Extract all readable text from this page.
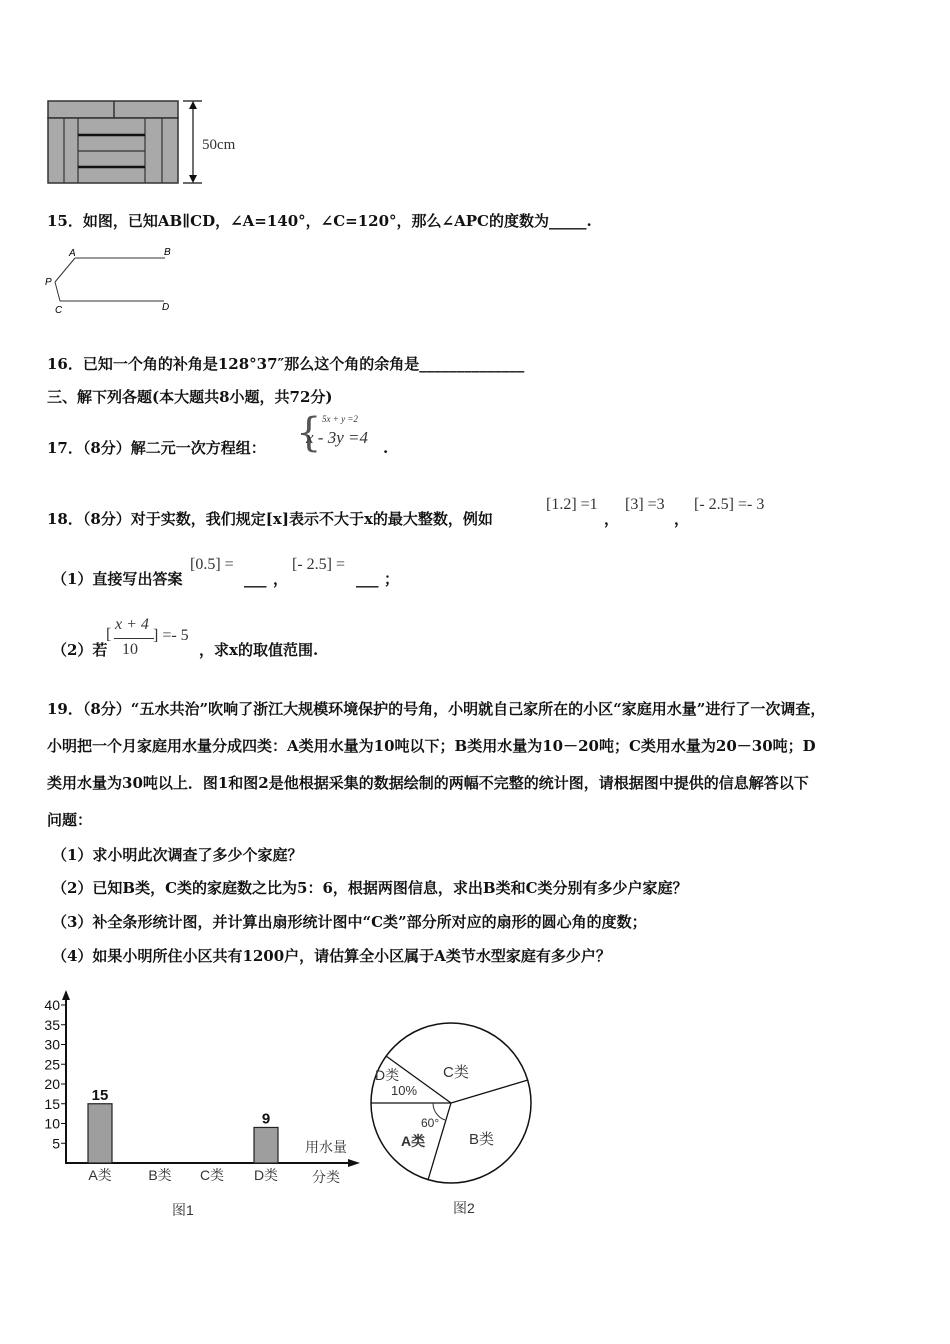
50cm
15．如图，已知AB∥CD，∠A=140°，∠C=120°，那么∠APC的度数为_____.
A	B
P
C	D
16．已知一个角的补角是128°37″那么这个角的余角是______________
三、解下列各题(本大题共8小题，共72分)
17．（8分）解二元一次方程组： { 5x + y =2
x - 3y =4
.
18．（8分）对于实数，我们规定[x]表示不大于x的最大整数，例如
[1.2] =1
，
[3] =3
，
[- 2.5] =- 3
（1）直接写出答案
[0.5] =
___ ，
[- 2.5] =
___ ；
（2）若
[
x + 4
10
] =- 5
，求x的取值范围.
19．（8分）“五水共治”吹响了浙江大规模环境保护的号角，小明就自己家所在的小区“家庭用水量”进行了一次调查，
小明把一个月家庭用水量分成四类：A类用水量为10吨以下；B类用水量为10－20吨；C类用水量为20－30吨；D
类用水量为30吨以上．图1和图2是他根据采集的数据绘制的两幅不完整的统计图，请根据图中提供的信息解答以下
问题：
（1）求小明此次调查了多少个家庭？
（2）已知B类，C类的家庭数之比为5：6，根据两图信息，求出B类和C类分别有多少户家庭？
（3）补全条形统计图，并计算出扇形统计图中“C类”部分所对应的扇形的圆心角的度数；
（4）如果小明所住小区共有1200户，请估算全小区属于A类节水型家庭有多少户？
5
10
15
20
25
30
35
40
A类
15
B类 C类 D类
9
用水量
分类
图1
D类
10%
C类
B类
A类
60°
图2
